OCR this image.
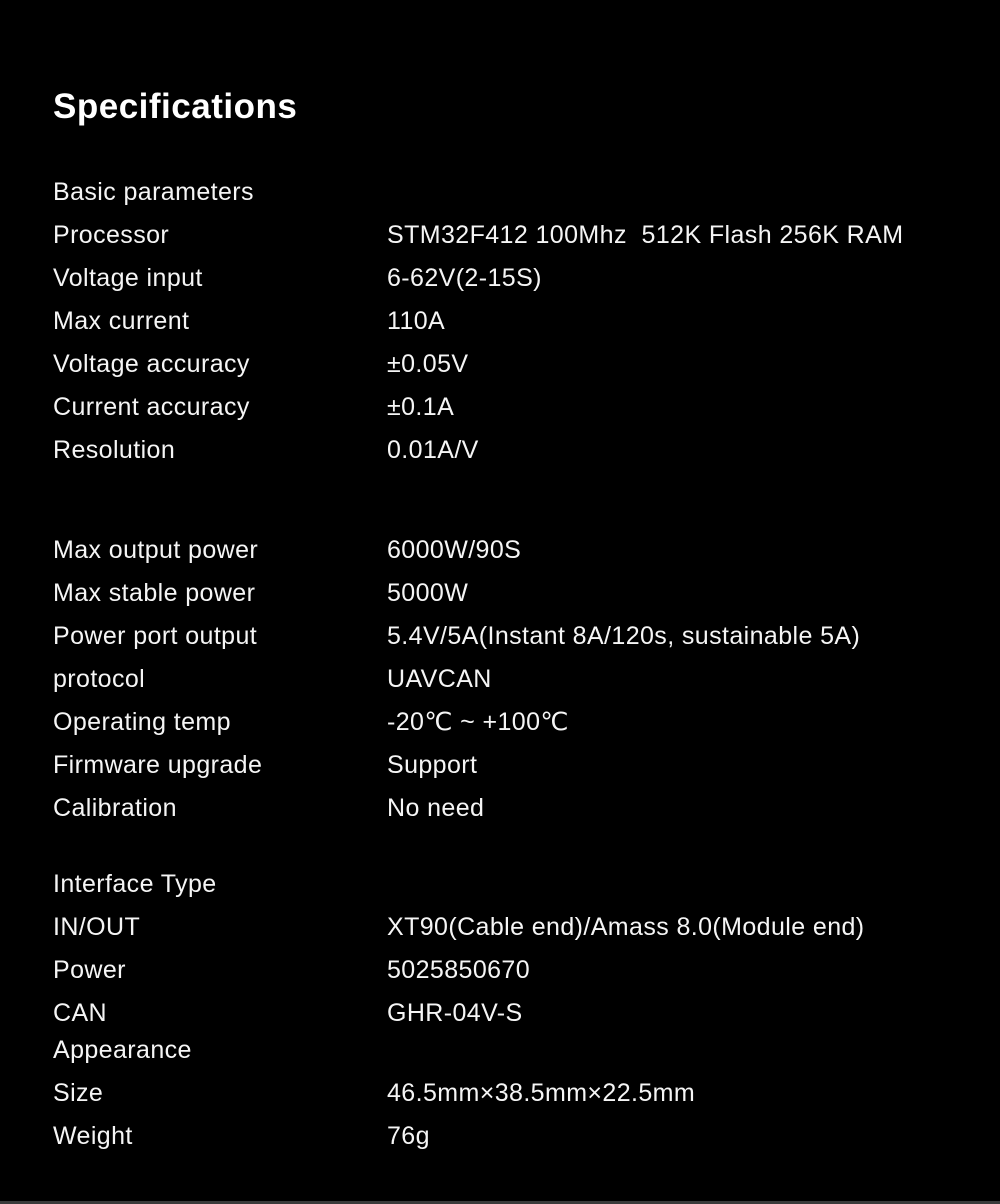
Specifications
Basic parameters
Processor	STM32F412 100Mhz  512K Flash 256K RAM
Voltage input	6-62V(2-15S)
Max current	110A
Voltage accuracy	±0.05V
Current accuracy	±0.1A
Resolution	0.01A/V
Max output power	6000W/90S
Max stable power	5000W
Power port output	5.4V/5A(Instant 8A/120s, sustainable 5A)
protocol	UAVCAN
Operating temp	-20℃ ~ +100℃
Firmware upgrade	Support
Calibration	No need
Interface Type
IN/OUT	XT90(Cable end)/Amass 8.0(Module end)
Power	5025850670
CAN	GHR-04V-S
Appearance
Size	46.5mm×38.5mm×22.5mm
Weight	76g
